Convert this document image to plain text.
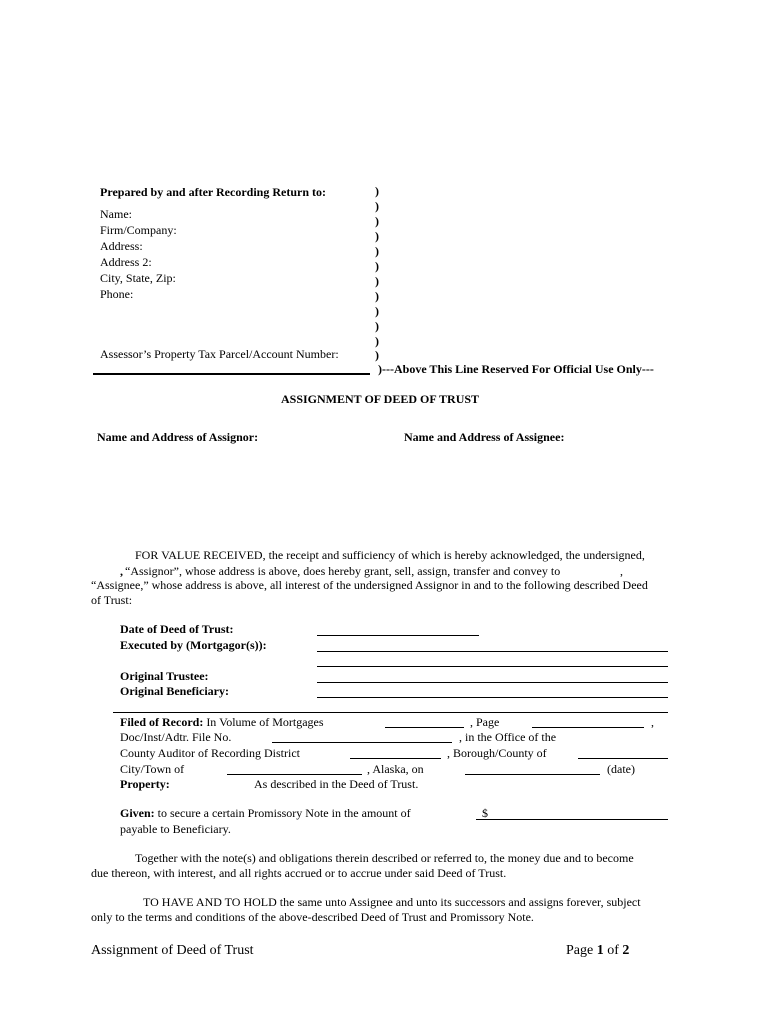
Prepared by and after Recording Return to:
Name:
Firm/Company:
Address:
Address 2:
City, State, Zip:
Phone:
Assessor’s Property Tax Parcel/Account Number:
)
)
)
)
)
)
)
)
)
)
)
)
)---Above This Line Reserved For Official Use Only---
ASSIGNMENT OF DEED OF TRUST
Name and Address of Assignor:	Name and Address of Assignee:
FOR VALUE RECEIVED, the receipt and sufficiency of which is hereby acknowledged, the undersigned,
, “Assignor”, whose address is above, does hereby grant, sell, assign, transfer and convey to	,
“Assignee,” whose address is above, all interest of the undersigned Assignor in and to the following described Deed
of Trust:
Date of Deed of Trust:
Executed by (Mortgagor(s)):
Original Trustee:
Original Beneficiary:
Filed of Record: In Volume of Mortgages	, Page	,
Doc/Inst/Adtr. File No.	, in the Office of the
County Auditor of Recording District	, Borough/County of
City/Town of	, Alaska, on	(date)
Property:	As described in the Deed of Trust.
Given: to secure a certain Promissory Note in the amount of	$
payable to Beneficiary.
Together with the note(s) and obligations therein described or referred to, the money due and to become
due thereon, with interest, and all rights accrued or to accrue under said Deed of Trust.
TO HAVE AND TO HOLD the same unto Assignee and unto its successors and assigns forever, subject
only to the terms and conditions of the above-described Deed of Trust and Promissory Note.
Assignment of Deed of Trust	Page 1 of 2
